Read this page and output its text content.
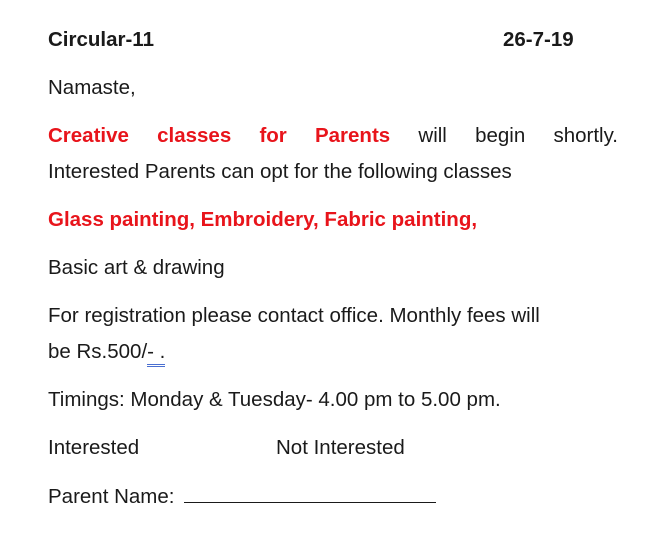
Circular-11	26-7-19
Namaste,
Creative classes for Parents will begin shortly.
Interested Parents can opt for the following classes
Glass painting, Embroidery, Fabric painting,
Basic art & drawing
For registration please contact office. Monthly fees will
be Rs.500/- .
Timings: Monday & Tuesday- 4.00 pm to 5.00 pm.
Interested	Not Interested
Parent Name:
